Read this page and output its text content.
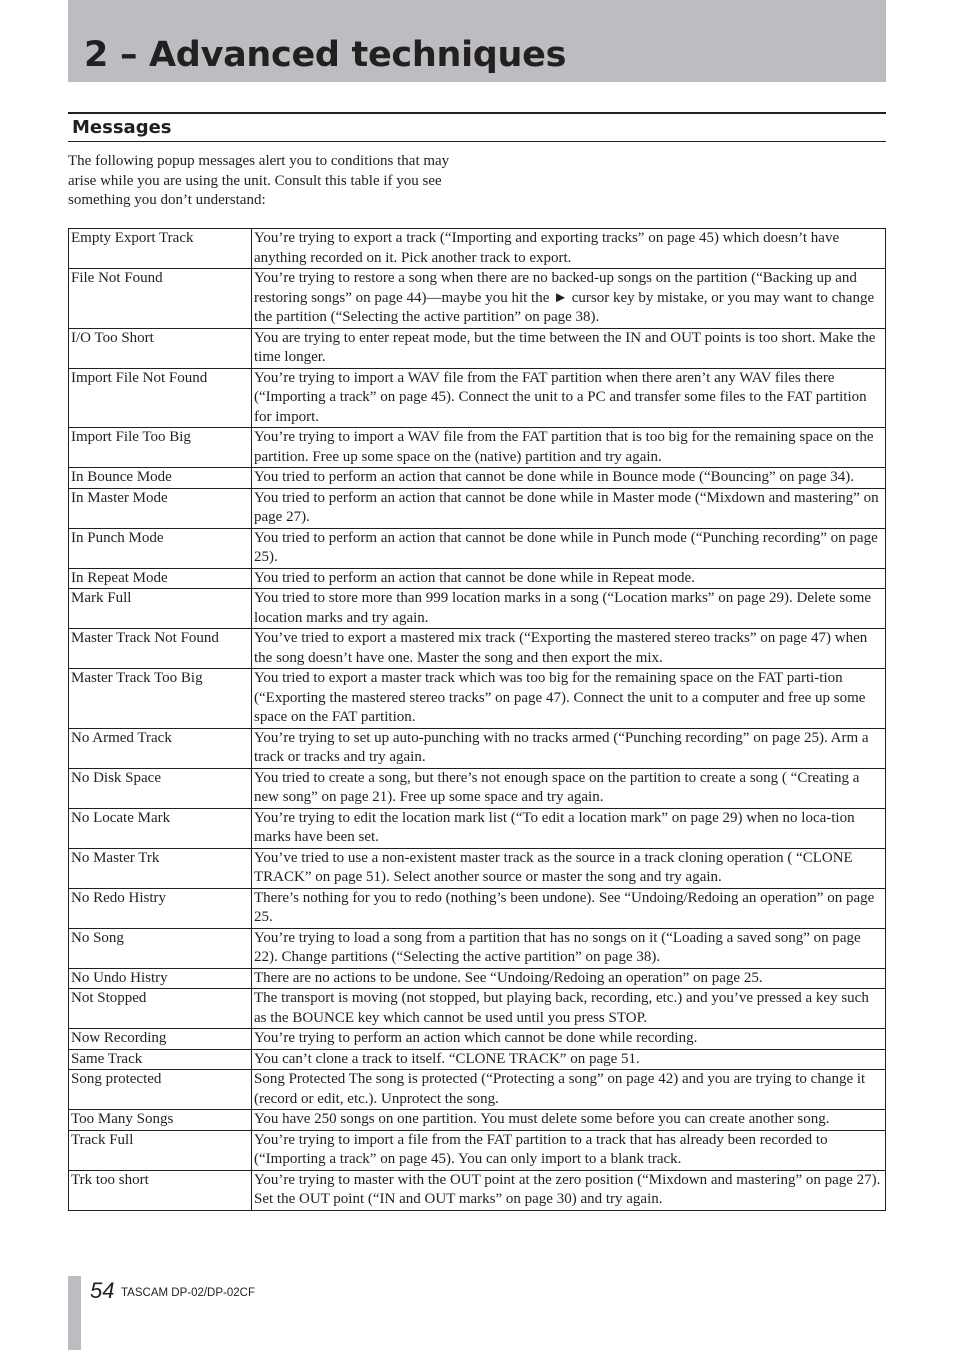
2 – Advanced techniques
Messages

The following popup messages alert you to conditions that may arise while you are using the unit. Consult this table if you see something you don’t understand:

Empty Export Track	You’re trying to export a track (“Importing and exporting tracks” on page 45) which doesn’t have anything recorded on it. Pick another track to export.
File Not Found	You’re trying to restore a song when there are no backed-up songs on the partition (“Backing up and restoring songs” on page 44)—maybe you hit the ► cursor key by mistake, or you may want to change the partition (“Selecting the active partition” on page 38).
I/O Too Short	You are trying to enter repeat mode, but the time between the IN and OUT points is too short. Make the time longer.
Import File Not Found	You’re trying to import a WAV file from the FAT partition when there aren’t any WAV files there (“Importing a track” on page 45). Connect the unit to a PC and transfer some files to the FAT partition for import.
Import File Too Big	You’re trying to import a WAV file from the FAT partition that is too big for the remaining space on the partition. Free up some space on the (native) partition and try again.
In Bounce Mode	You tried to perform an action that cannot be done while in Bounce mode (“Bouncing” on page 34).
In Master Mode	You tried to perform an action that cannot be done while in Master mode (“Mixdown and mastering” on page 27).
In Punch Mode	You tried to perform an action that cannot be done while in Punch mode (“Punching recording” on page 25).
In Repeat Mode	You tried to perform an action that cannot be done while in Repeat mode.
Mark Full	You tried to store more than 999 location marks in a song (“Location marks” on page 29). Delete some location marks and try again.
Master Track Not Found	You’ve tried to export a mastered mix track (“Exporting the mastered stereo tracks” on page 47) when the song doesn’t have one. Master the song and then export the mix.
Master Track Too Big	You tried to export a master track which was too big for the remaining space on the FAT parti-tion (“Exporting the mastered stereo tracks” on page 47). Connect the unit to a computer and free up some space on the FAT partition.
No Armed Track	You’re trying to set up auto-punching with no tracks armed (“Punching recording” on page 25). Arm a track or tracks and try again.
No Disk Space	You tried to create a song, but there’s not enough space on the partition to create a song ( “Creating a new song” on page 21). Free up some space and try again.
No Locate Mark	You’re trying to edit the location mark list (“To edit a location mark” on page 29) when no loca-tion marks have been set.
No Master Trk	You’ve tried to use a non-existent master track as the source in a track cloning operation ( “CLONE TRACK” on page 51). Select another source or master the song and try again.
No Redo Histry	There’s nothing for you to redo (nothing’s been undone). See “Undoing/Redoing an operation” on page 25.
No Song	You’re trying to load a song from a partition that has no songs on it (“Loading a saved song” on page 22). Change partitions (“Selecting the active partition” on page 38).
No Undo Histry	There are no actions to be undone. See “Undoing/Redoing an operation” on page 25.
Not Stopped	The transport is moving (not stopped, but playing back, recording, etc.) and you’ve pressed a key such as the BOUNCE key which cannot be used until you press STOP.
Now Recording	You’re trying to perform an action which cannot be done while recording.
Same Track	You can’t clone a track to itself. “CLONE TRACK” on page 51.
Song protected	Song Protected The song is protected (“Protecting a song” on page 42) and you are trying to change it (record or edit, etc.). Unprotect the song.
Too Many Songs	You have 250 songs on one partition. You must delete some before you can create another song.
Track Full	You’re trying to import a file from the FAT partition to a track that has already been recorded to (“Importing a track” on page 45). You can only import to a blank track.
Trk too short	You’re trying to master with the OUT point at the zero position (“Mixdown and mastering” on page 27). Set the OUT point (“IN and OUT marks” on page 30) and try again.
54 TASCAM DP-02/DP-02CF
